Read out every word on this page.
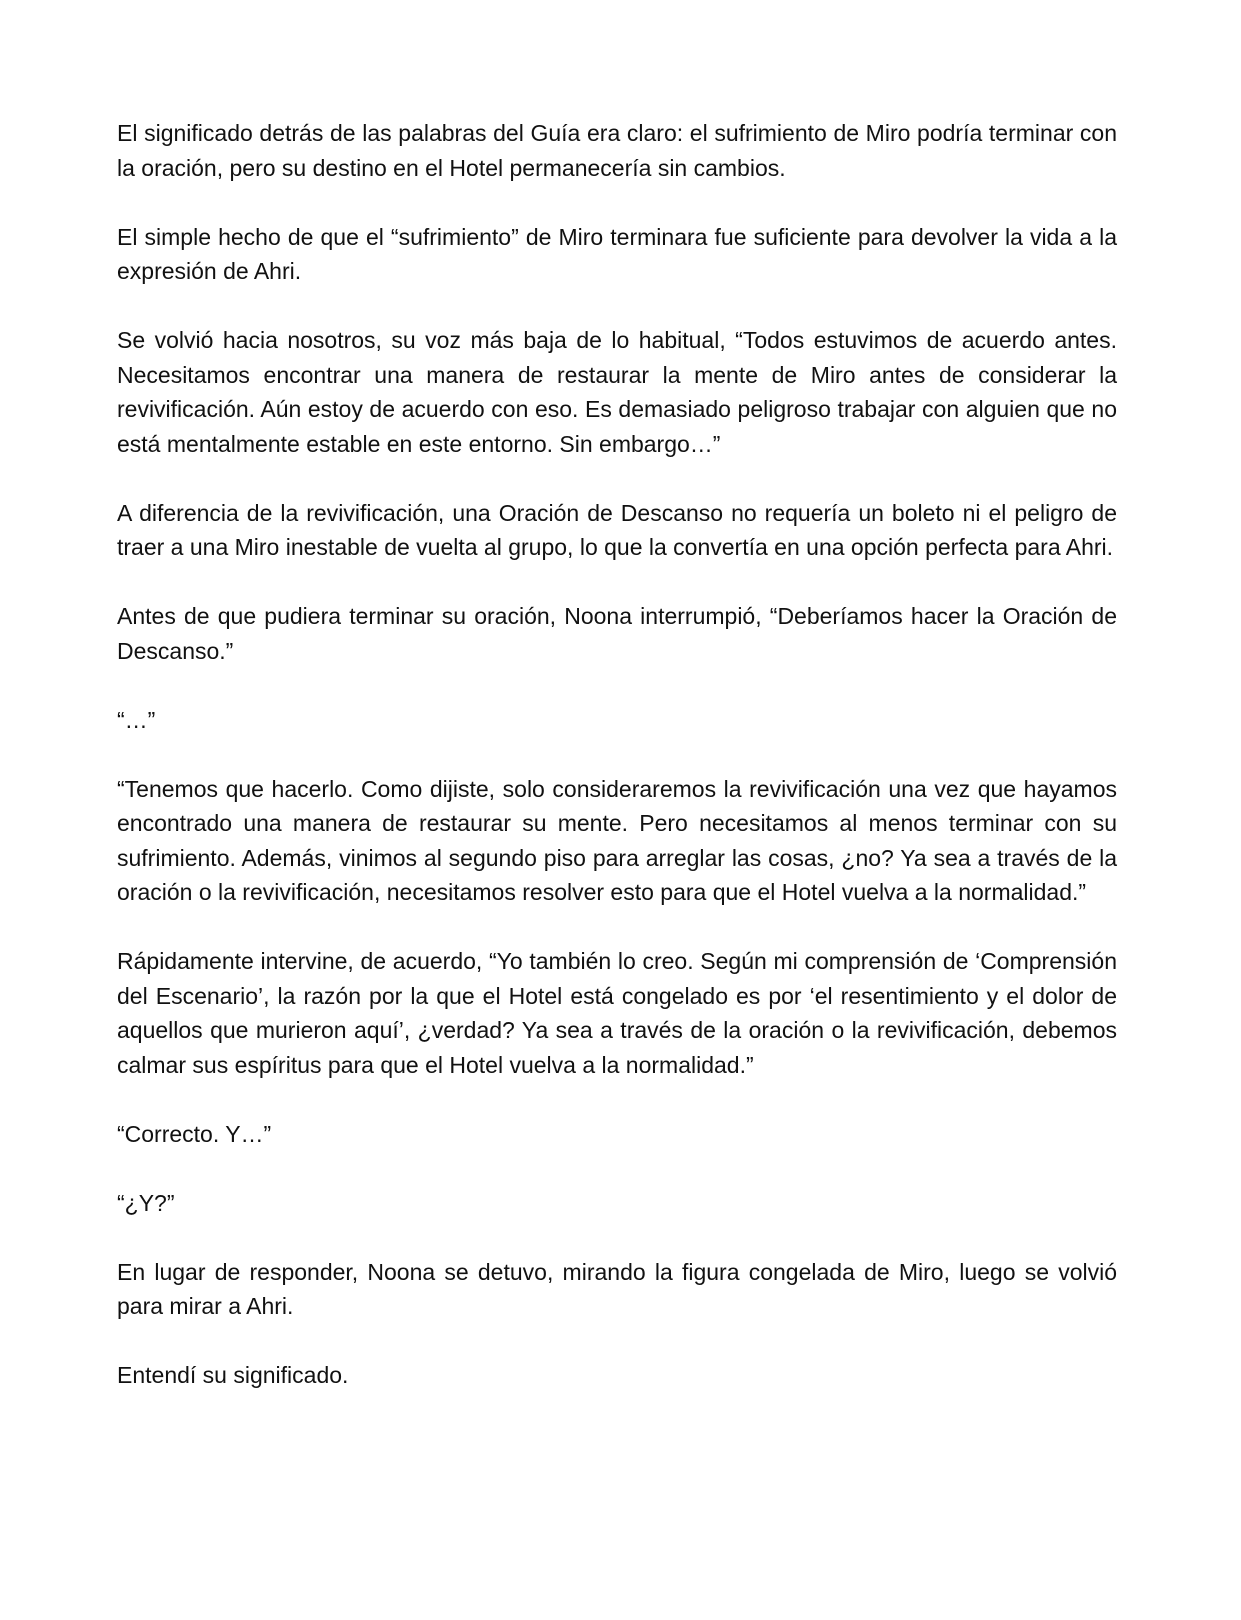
El significado detrás de las palabras del Guía era claro: el sufrimiento de Miro podría terminar con la oración, pero su destino en el Hotel permanecería sin cambios.

El simple hecho de que el “sufrimiento” de Miro terminara fue suficiente para devolver la vida a la expresión de Ahri.

Se volvió hacia nosotros, su voz más baja de lo habitual, “Todos estuvimos de acuerdo antes. Necesitamos encontrar una manera de restaurar la mente de Miro antes de considerar la revivificación. Aún estoy de acuerdo con eso. Es demasiado peligroso trabajar con alguien que no está mentalmente estable en este entorno. Sin embargo…”

A diferencia de la revivificación, una Oración de Descanso no requería un boleto ni el peligro de traer a una Miro inestable de vuelta al grupo, lo que la convertía en una opción perfecta para Ahri.

Antes de que pudiera terminar su oración, Noona interrumpió, “Deberíamos hacer la Oración de Descanso.”

“…”

“Tenemos que hacerlo. Como dijiste, solo consideraremos la revivificación una vez que hayamos encontrado una manera de restaurar su mente. Pero necesitamos al menos terminar con su sufrimiento. Además, vinimos al segundo piso para arreglar las cosas, ¿no? Ya sea a través de la oración o la revivificación, necesitamos resolver esto para que el Hotel vuelva a la normalidad.”

Rápidamente intervine, de acuerdo, “Yo también lo creo. Según mi comprensión de ‘Comprensión del Escenario’, la razón por la que el Hotel está congelado es por ‘el resentimiento y el dolor de aquellos que murieron aquí’, ¿verdad? Ya sea a través de la oración o la revivificación, debemos calmar sus espíritus para que el Hotel vuelva a la normalidad.”

“Correcto. Y…”

“¿Y?”

En lugar de responder, Noona se detuvo, mirando la figura congelada de Miro, luego se volvió para mirar a Ahri.

Entendí su significado.
